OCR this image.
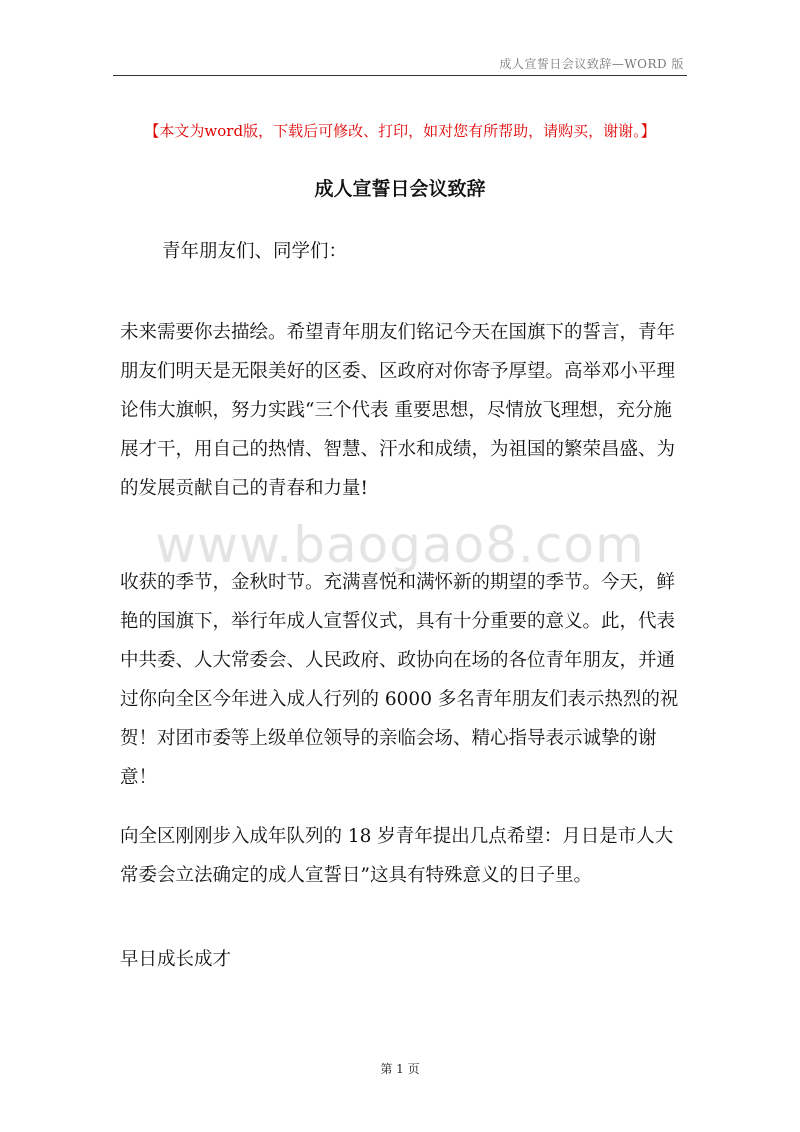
成人宣誓日会议致辞—WORD 版
【本文为word版，下载后可修改、打印，如对您有所帮助，请购买，谢谢。】
成人宣誓日会议致辞

青年朋友们、同学们：

未来需要你去描绘。希望青年朋友们铭记今天在国旗下的誓言，青年朋友们明天是无限美好的区委、区政府对你寄予厚望。高举邓小平理论伟大旗帜，努力实践“三个代表 重要思想，尽情放飞理想，充分施展才干，用自己的热情、智慧、汗水和成绩，为祖国的繁荣昌盛、为的发展贡献自己的青春和力量!

www.baogao8.com

收获的季节，金秋时节。充满喜悦和满怀新的期望的季节。今天，鲜艳的国旗下，举行年成人宣誓仪式，具有十分重要的意义。此，代表中共委、人大常委会、人民政府、政协向在场的各位青年朋友，并通过你向全区今年进入成人行列的 6000 多名青年朋友们表示热烈的祝贺！对团市委等上级单位领导的亲临会场、精心指导表示诚挚的谢意！

向全区刚刚步入成年队列的 18 岁青年提出几点希望：月日是市人大常委会立法确定的成人宣誓日”这具有特殊意义的日子里。

早日成长成才

第 1 页
